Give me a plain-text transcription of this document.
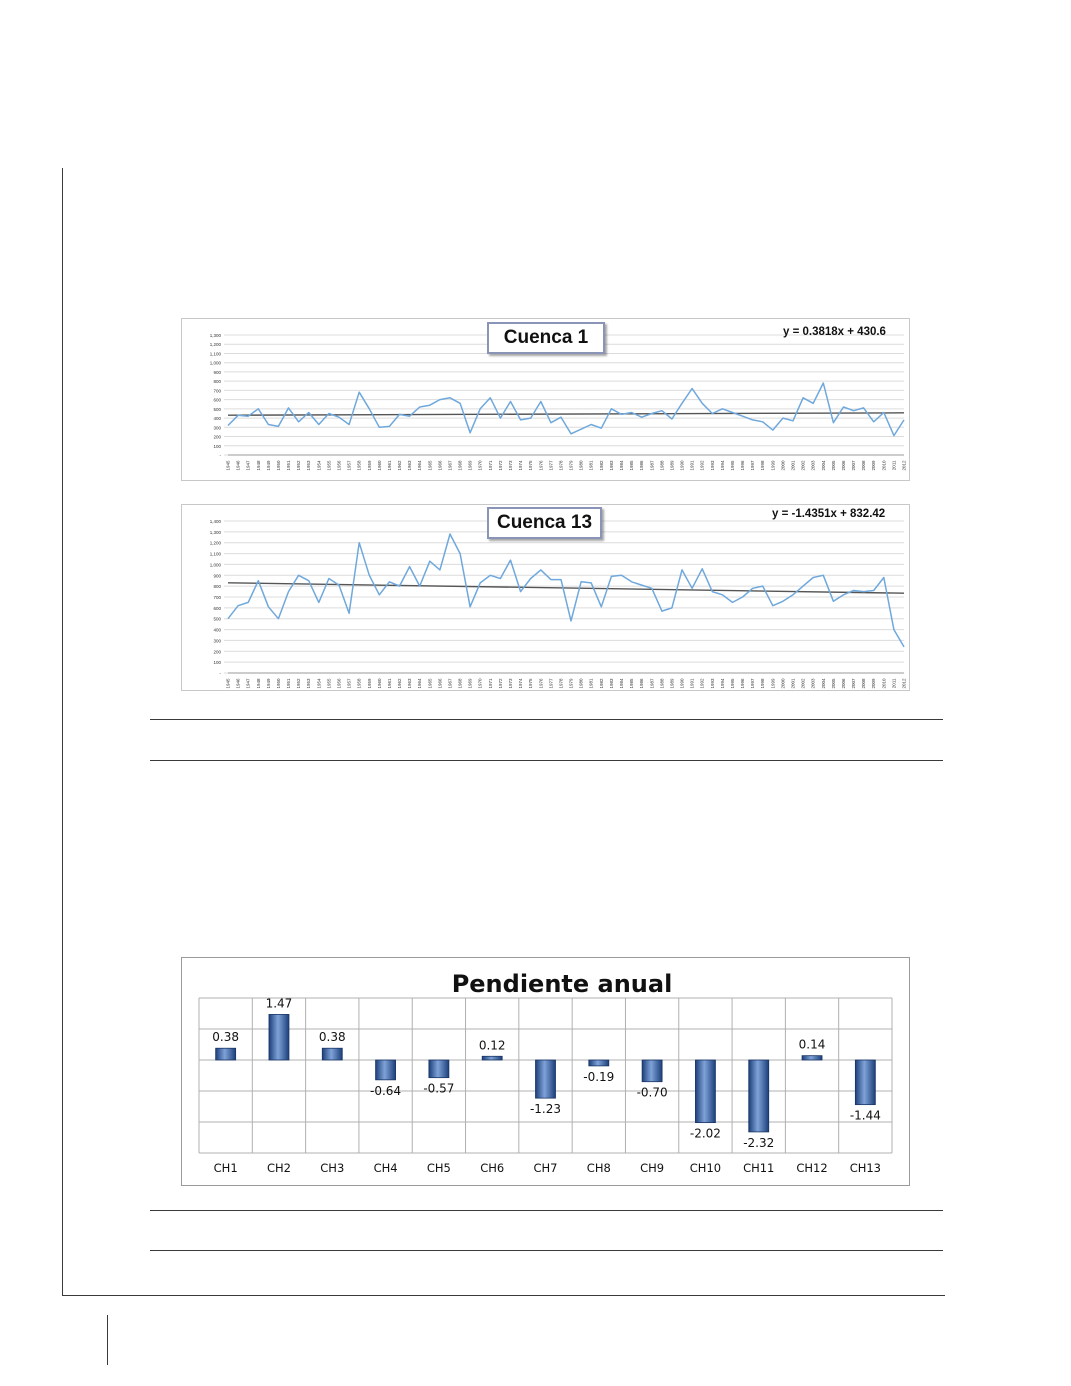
-
100
200
300
400
500
600
700
800
900
1,000
1,100
1,200
1,300
1945 1946 1947 1948 1949 1950 1951 1952 1953 1954 1955 1956 1957 1958 1959 1960 1961 1962 1963 1964 1965 1966 1967 1968 1969 1970 1971 1972 1973 1974 1975 1976 1977 1978 1979 1980 1981 1982 1983 1984 1985 1986 1987 1988 1989 1990 1991 1992 1993 1994 1995 1996 1997 1998 1999 2000 2001 2002 2003 2004 2005 2006 2007 2008 2009 2010 2011 2012
Cuenca 1	y = 0.3818x + 430.6
-
100
200
300
400
500
600
700
800
900
1,000
1,100
1,200
1,300
1,400
1945 1946 1947 1948 1949 1950 1951 1952 1953 1954 1955 1956 1957 1958 1959 1960 1961 1962 1963 1964 1965 1966 1967 1968 1969 1970 1971 1972 1973 1974 1975 1976 1977 1978 1979 1980 1981 1982 1983 1984 1985 1986 1987 1988 1989 1990 1991 1992 1993 1994 1995 1996 1997 1998 1999 2000 2001 2002 2003 2004 2005 2006 2007 2008 2009 2010 2011 2012
Cuenca 13	y = -1.4351x + 832.42
0.38
CH1
1.47
CH2
0.38
CH3
-0.64
CH4
-0.57
CH5
0.12
CH6
-1.23
CH7
-0.19
CH8
-0.70
CH9
-2.02
CH10
-2.32
CH11
0.14
CH12
-1.44
CH13
Pendiente anual
